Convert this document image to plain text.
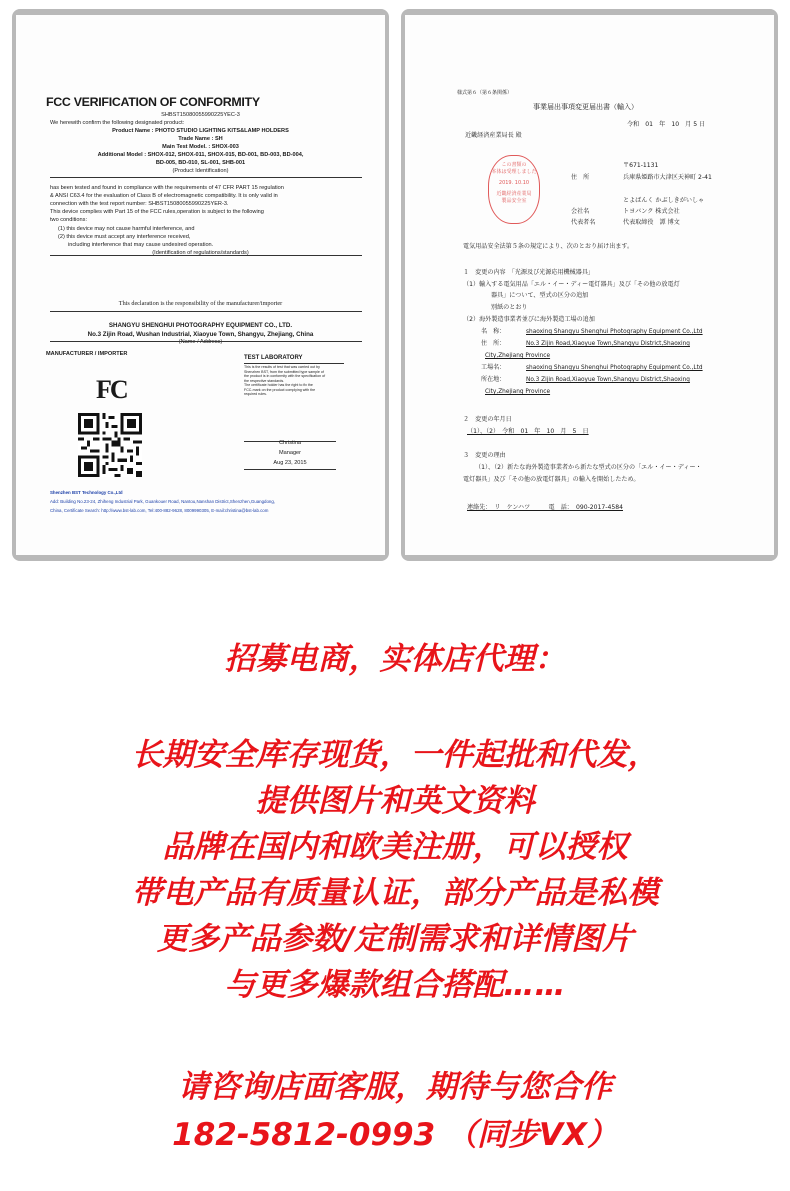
FCC VERIFICATION OF CONFORMITY
SHBST15080055990225YEC-3
We herewith confirm the following designated product:
Product Name : PHOTO STUDIO LIGHTING KITS&LAMP HOLDERS
Trade Name : SH
Main Test Model. : SHOX-003
Additional Model : SHOX-012, SHOX-011, SHOX-015, BD-001, BD-003, BD-004,
BD-005, BD-010, SL-001, SHB-001
(Product Identification)
has been tested and found in compliance with the requirements of 47 CFR PART 15 regulation
& ANSI C63.4 for the evaluation of Class B of electromagnetic compatibility. It is only valid in
connection with the test report number: SHBST15080055990225YER-3.
This device complies with Part 15 of the FCC rules,operation is subject to the following
two conditions:
(1) this device may not cause harmful interference, and
(2) this device must accept any interference received,
including interference that may cause undesired operation.
(Identification of regulations/standards)
This declaration is the responsibility of the manufacturer/importer
SHANGYU SHENGHUI PHOTOGRAPHY EQUIPMENT CO., LTD.
No.3 Zijin Road, Wushan Industrial, Xiaoyue Town, Shangyu, Zhejiang, China
(Name / Address)
MANUFACTURER / IMPORTER
TEST LABORATORY
This is the results of test that was carried out by
Shenzhen BST, from the submitted type sample of
the product is in conformity with the specification of
the respective standards.
The certificate holder has the right to fix the
FCC-mark on the product complying with the
required rules.
FC
Christina
Manager
Aug 23, 2015
Shenzhen BST Technology Co.,Ltd
Add: Building No.23-24, Zhiheng Industrial Park, Guankouer Road, Nantou,Nanshan District,Shenzhen,Guangdong,
China, Certificate Search: http://www.bst-lab.com, Tel:400-882-9628, 8009990305, E-mail:christina@bst-lab.com
様式第６（第６条関係）
事業届出事項変更届出書（輸入）
令和　01　年　10　月 5 日
近畿経済産業局長 殿
この書類の
本体は受理しました
2019. 10.10
近畿経済産業局
製品安全室
〒671-1131
住　所	兵庫県姫路市大津区天神町 2-41
とよばんく かぶしきがいしゃ
会社名	トヨバンク 株式会社
代表者名	代表取締役　譚 博文
電気用品安全法第５条の規定により、次のとおり届け出ます。
１　変更の内容　「光源及び光源応用機械器具」
（1）輸入する電気用品「エル・イー・ディー電灯器具」及び「その他の放電灯
器具」について、型式の区分の追加
別紙のとおり
（2）海外製造事業者並びに海外製造工場の追加
名　称：	shaoxing Shangyu Shenghui Photography Equipment Co.,Ltd
住　所：	No.3 Zijin Road,Xiaoyue Town,Shangyu District,Shaoxing
City,Zhejiang Province
工場名：	shaoxing Shangyu Shenghui Photography Equipment Co.,Ltd
所在地：	No.3 Zijin Road,Xiaoyue Town,Shangyu District,Shaoxing
City,Zhejiang Province
２　変更の年月日
（1）、（2）　令和　01　年　10　月　5　日
３　変更の理由
（1）、（2）新たな海外製造事業者から新たな型式の区分の「エル・イー・ディー・
電灯器具」及び「その他の放電灯器具」の輸入を開始したため。
連絡先：　リ　ケンハツ　　　電　話：　090-2017-4584
招募电商，实体店代理：
长期安全库存现货，一件起批和代发，
提供图片和英文资料
品牌在国内和欧美注册，可以授权
带电产品有质量认证，部分产品是私模
更多产品参数/定制需求和详情图片
与更多爆款组合搭配……
请咨询店面客服，期待与您合作
182-5812-0993 （同步VX）
